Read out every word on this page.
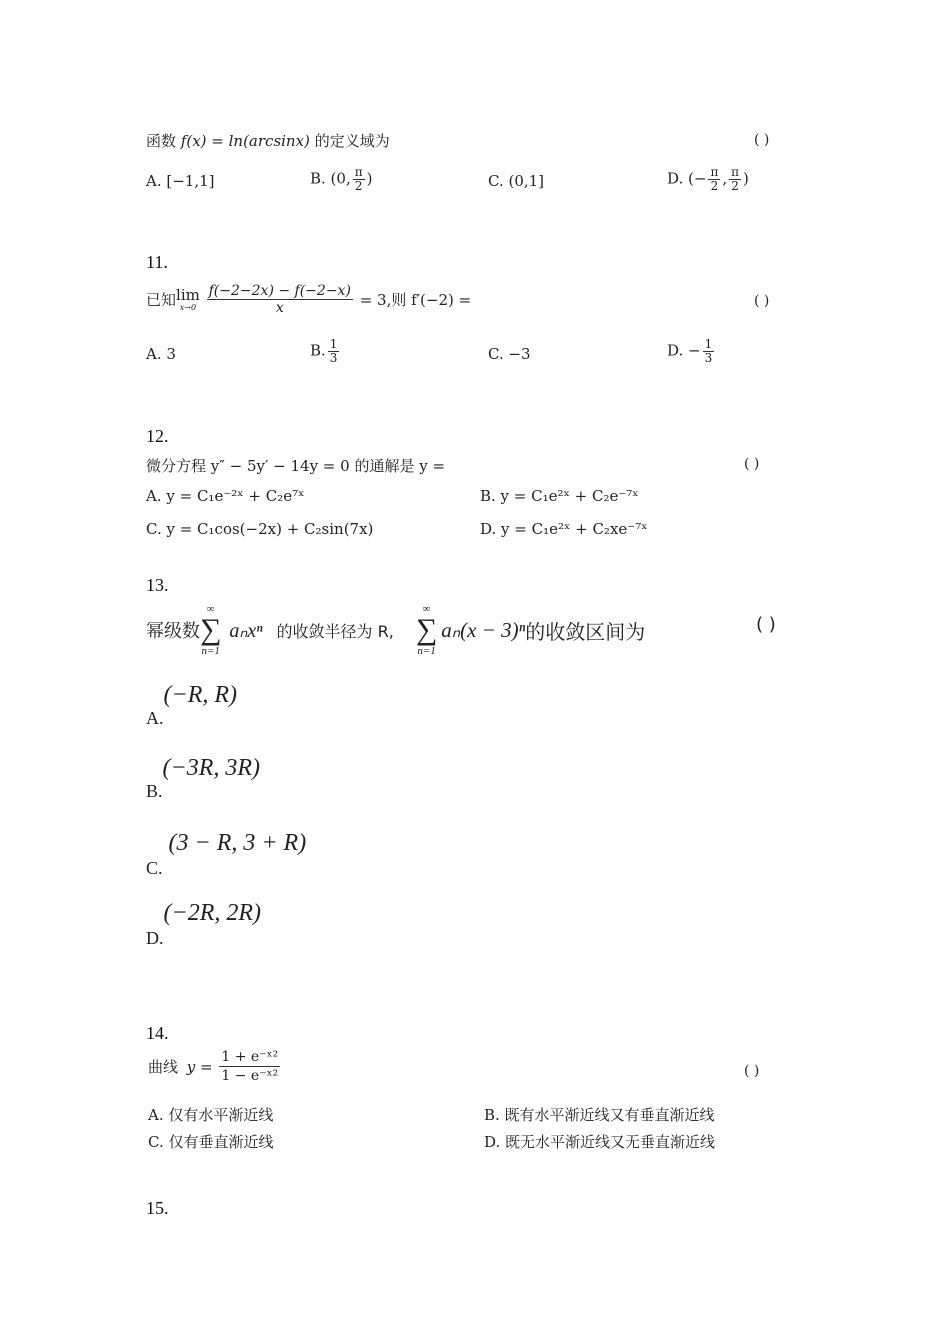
函数 f(x) = ln(arcsinx) 的定义域为	( )
A. [−1,1]	B. (0, $\frac{\pi}{2}$ )	C. (0,1]	D. (− $\frac{\pi}{2}$ , $\frac{\pi}{2}$ )
11.
已知 lim
x→0
$\frac{f(-2-2x) - f(-2-x)}{x} = 3$,则 f′(−2) =	( )
A. 3	B. $\frac{1}{3}$	C. −3	D. − $\frac{1}{3}$
12.
微分方程 y″ − 5y′ − 14y = 0 的通解是 y =	( )
A. y = C₁e⁻²ˣ + C₂e⁷ˣ	B. y = C₁e²ˣ + C₂e⁻⁷ˣ
C. y = C₁cos(−2x) + C₂sin(7x)	D. y = C₁e²ˣ + C₂xe⁻⁷ˣ
13.
幂级数
∞
∑
n=1
aₙxⁿ 的收敛半径为 R,
∞
∑
n=1
aₙ(x − 3)ⁿ 的收敛区间为	( )
A.(−R, R)
B.(−3R, 3R)
C.(3 − R, 3 + R)
D.(−2R, 2R)
14.
曲线 $y = \frac{\text{1 + e⁻ˣ²}}{\text{1 − e⁻ˣ²}}$	( )
A. 仅有水平渐近线	B. 既有水平渐近线又有垂直渐近线
C. 仅有垂直渐近线	D. 既无水平渐近线又无垂直渐近线
15.
